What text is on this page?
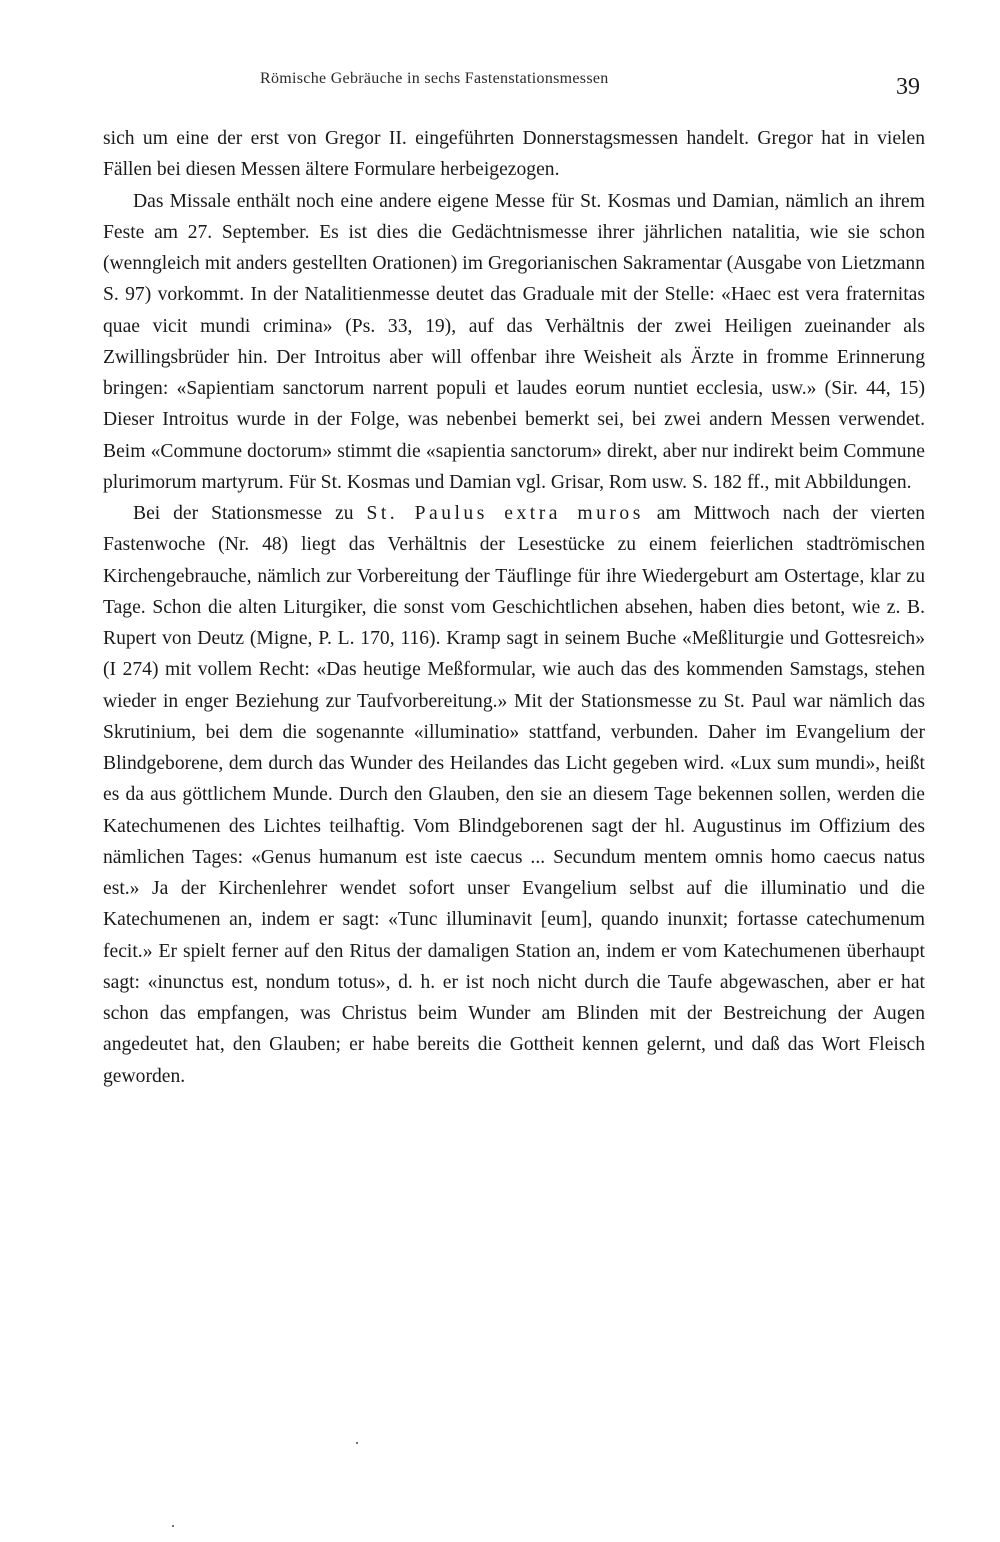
Römische Gebräuche in sechs Fastenstationsmessen	39

sich um eine der erst von Gregor II. eingeführten Donnerstagsmessen handelt. Gregor hat in vielen Fällen bei diesen Messen ältere Formulare herbeigezogen.

Das Missale enthält noch eine andere eigene Messe für St. Kosmas und Damian, nämlich an ihrem Feste am 27. September. Es ist dies die Gedächtnismesse ihrer jährlichen natalitia, wie sie schon (wenngleich mit anders gestellten Orationen) im Gregorianischen Sakramentar (Ausgabe von Lietzmann S. 97) vorkommt. In der Natalitienmesse deutet das Graduale mit der Stelle: «Haec est vera fraternitas quae vicit mundi crimina» (Ps. 33, 19), auf das Verhältnis der zwei Heiligen zueinander als Zwillingsbrüder hin. Der Introitus aber will offenbar ihre Weisheit als Ärzte in fromme Erinnerung bringen: «Sapientiam sanctorum narrent populi et laudes eorum nuntiet ecclesia, usw.» (Sir. 44, 15) Dieser Introitus wurde in der Folge, was nebenbei bemerkt sei, bei zwei andern Messen verwendet. Beim «Commune doctorum» stimmt die «sapientia sanctorum» direkt, aber nur indirekt beim Commune plurimorum martyrum. Für St. Kosmas und Damian vgl. Grisar, Rom usw. S. 182 ff., mit Abbildungen.

Bei der Stationsmesse zu St. Paulus extra muros am Mittwoch nach der vierten Fastenwoche (Nr. 48) liegt das Verhältnis der Lesestücke zu einem feierlichen stadtrömischen Kirchengebrauche, nämlich zur Vorbereitung der Täuflinge für ihre Wiedergeburt am Ostertage, klar zu Tage. Schon die alten Liturgiker, die sonst vom Geschichtlichen absehen, haben dies betont, wie z. B. Rupert von Deutz (Migne, P. L. 170, 116). Kramp sagt in seinem Buche «Meßliturgie und Gottesreich» (I 274) mit vollem Recht: «Das heutige Meßformular, wie auch das des kommenden Samstags, stehen wieder in enger Beziehung zur Taufvorbereitung.» Mit der Stationsmesse zu St. Paul war nämlich das Skrutinium, bei dem die sogenannte «illuminatio» stattfand, verbunden. Daher im Evangelium der Blindgeborene, dem durch das Wunder des Heilandes das Licht gegeben wird. «Lux sum mundi», heißt es da aus göttlichem Munde. Durch den Glauben, den sie an diesem Tage bekennen sollen, werden die Katechumenen des Lichtes teilhaftig. Vom Blindgeborenen sagt der hl. Augustinus im Offizium des nämlichen Tages: «Genus humanum est iste caecus ... Secundum mentem omnis homo caecus natus est.» Ja der Kirchenlehrer wendet sofort unser Evangelium selbst auf die illuminatio und die Katechumenen an, indem er sagt: «Tunc illuminavit [eum], quando inunxit; fortasse catechumenum fecit.» Er spielt ferner auf den Ritus der damaligen Station an, indem er vom Katechumenen überhaupt sagt: «inunctus est, nondum totus», d. h. er ist noch nicht durch die Taufe abgewaschen, aber er hat schon das empfangen, was Christus beim Wunder am Blinden mit der Bestreichung der Augen angedeutet hat, den Glauben; er habe bereits die Gottheit kennen gelernt, und daß das Wort Fleisch geworden.
